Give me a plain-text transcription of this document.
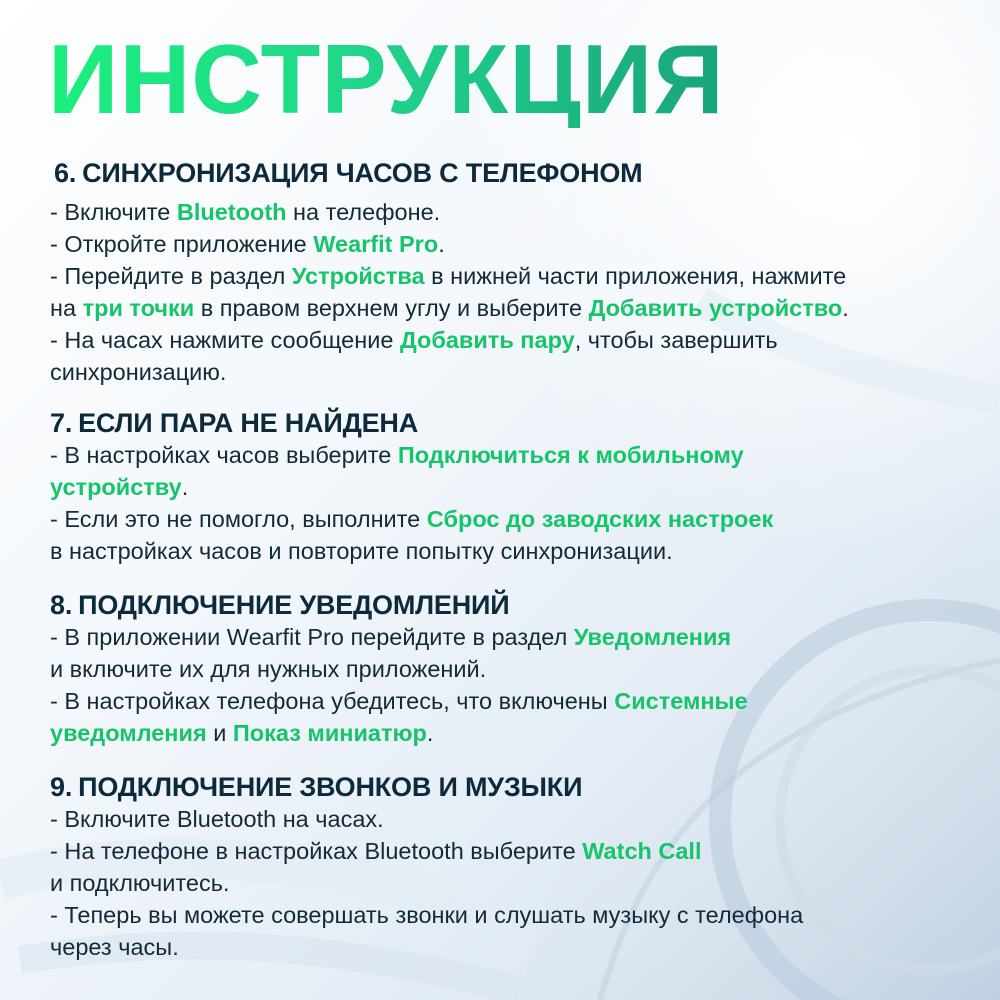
ИНСТРУКЦИЯ

6. СИНХРОНИЗАЦИЯ ЧАСОВ С ТЕЛЕФОНОМ

- Включите Bluetooth на телефоне.

- Откройте приложение Wearfit Pro.

- Перейдите в раздел Устройства в нижней части приложения, нажмите

на три точки в правом верхнем углу и выберите Добавить устройство.

- На часах нажмите сообщение Добавить пару, чтобы завершить

синхронизацию.

7. ЕСЛИ ПАРА НЕ НАЙДЕНА

- В настройках часов выберите Подключиться к мобильному

устройству.

- Если это не помогло, выполните Сброс до заводских настроек

в настройках часов и повторите попытку синхронизации.

8. ПОДКЛЮЧЕНИЕ УВЕДОМЛЕНИЙ

- В приложении Wearfit Pro перейдите в раздел Уведомления

и включите их для нужных приложений.

- В настройках телефона убедитесь, что включены Системные

уведомления и Показ миниатюр.

9. ПОДКЛЮЧЕНИЕ ЗВОНКОВ И МУЗЫКИ

- Включите Bluetooth на часах.

- На телефоне в настройках Bluetooth выберите Watch Call

и подключитесь.

- Теперь вы можете совершать звонки и слушать музыку с телефона

через часы.
